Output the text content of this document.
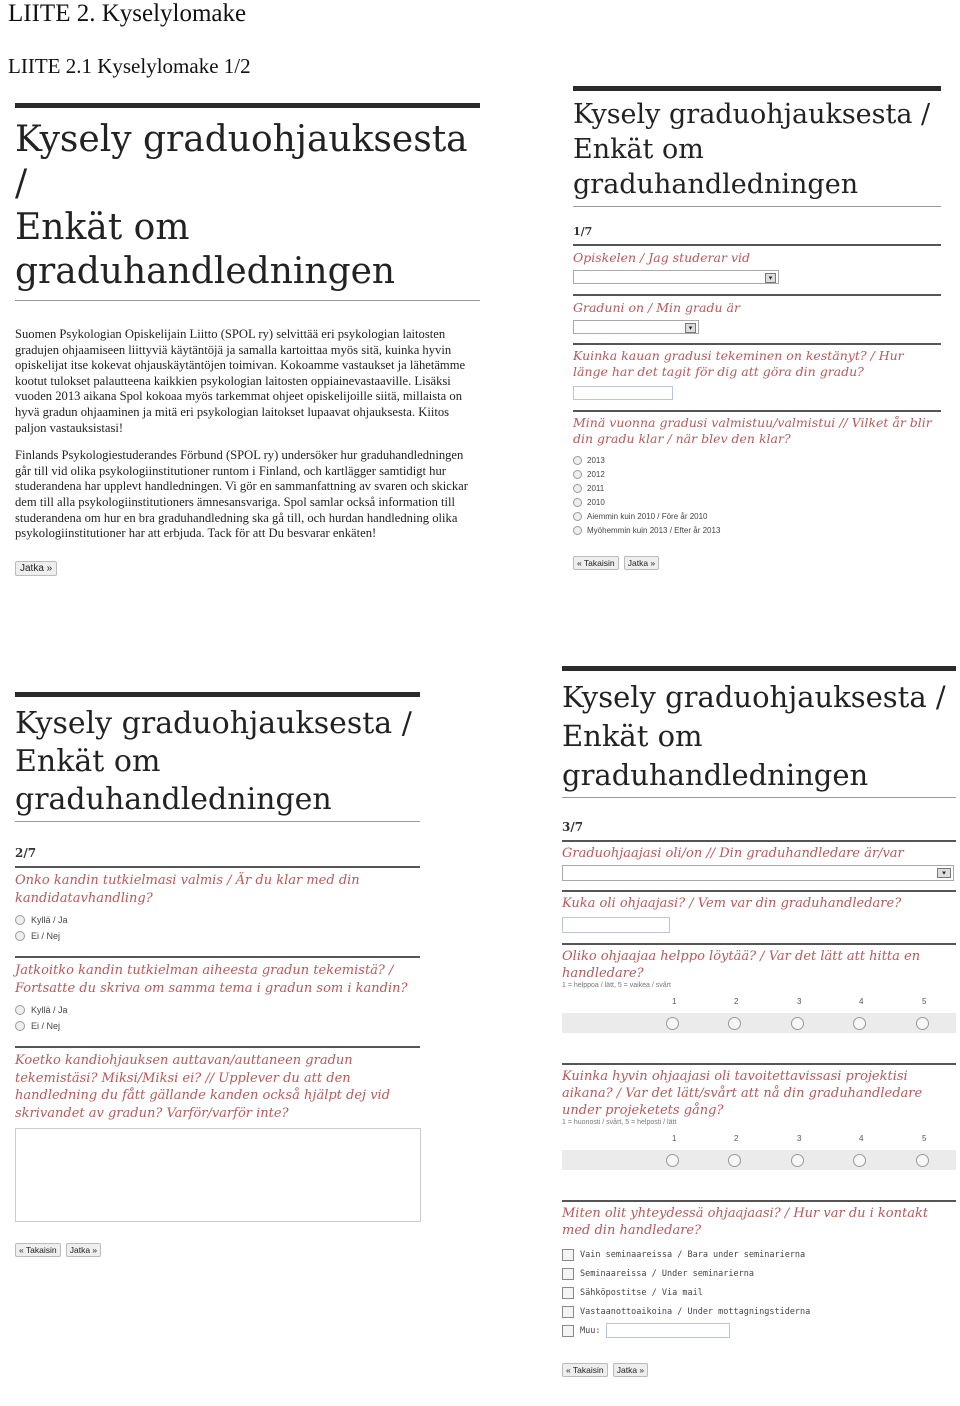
LIITE 2. Kyselylomake
LIITE 2.1 Kyselylomake 1/2
Kysely graduohjauksesta /
Enkät om
graduhandledningen

Suomen Psykologian Opiskelijain Liitto (SPOL ry) selvittää eri psykologian laitosten gradujen ohjaamiseen liittyviä käytäntöjä ja samalla kartoittaa myös sitä, kuinka hyvin opiskelijat itse kokevat ohjauskäytäntöjen toimivan. Kokoamme vastaukset ja lähetämme kootut tulokset palautteena kaikkien psykologian laitosten oppiainevastaaville. Lisäksi vuoden 2013 aikana Spol kokoaa myös tarkemmat ohjeet opiskelijoille siitä, millaista on hyvä gradun ohjaaminen ja mitä eri psykologian laitokset lupaavat ohjauksesta. Kiitos paljon vastauksistasi!

Finlands Psykologiestuderandes Förbund (SPOL ry) undersöker hur graduhandledningen går till vid olika psykologiinstitutioner runtom i Finland, och kartlägger samtidigt hur studerandena har upplevt handledningen. Vi gör en sammanfattning av svaren och skickar dem till alla psykologiinstitutioners ämnesansvariga. Spol samlar också information till studerandena om hur en bra graduhandledning ska gå till, och hurdan handledning olika psykologiinstitutioner har att erbjuda. Tack för att Du besvarar enkäten!

Jatka »
Kysely graduohjauksesta /
Enkät om
graduhandledningen
1/7

Opiskelen / Jag studerar vid

▾

Graduni on / Min gradu är

▾

Kuinka kauan gradusi tekeminen on kestänyt? / Hur länge har det tagit för dig att göra din gradu?

Minä vuonna gradusi valmistuu/valmistui // Vilket år blir din gradu klar / när blev den klar?

2013
2012
2011
2010
Aiemmin kuin 2010 / Före år 2010
Myöhemmin kuin 2013 / Efter år 2013
« Takaisin Jatka »
Kysely graduohjauksesta /
Enkät om
graduhandledningen
2/7

Onko kandin tutkielmasi valmis / Är du klar med din kandidatavhandling?

Kyllä / Ja
Ei / Nej

Jatkoitko kandin tutkielman aiheesta gradun tekemistä? / Fortsatte du skriva om samma tema i gradun som i kandin?

Kyllä / Ja
Ei / Nej

Koetko kandiohjauksen auttavan/auttaneen gradun tekemistäsi? Miksi/Miksi ei? // Upplever du att den handledning du fått gällande kanden också hjälpt dej vid skrivandet av gradun? Varför/varför inte?

« Takaisin Jatka »
Kysely graduohjauksesta /
Enkät om
graduhandledningen
3/7

Graduohjaajasi oli/on // Din graduhandledare är/var

▾

Kuka oli ohjaajasi? / Vem var din graduhandledare?

Oliko ohjaajaa helppo löytää? / Var det lätt att hitta en handledare?

1 = helppoa / lätt, 5 = vaikea / svårt
1	2	3	4	5

Kuinka hyvin ohjaajasi oli tavoitettavissasi projektisi aikana? / Var det lätt/svårt att nå din graduhandledare under projeketets gång?

1 = huonosti / svårt, 5 = helposti / lätt
1	2	3	4	5

Miten olit yhteydessä ohjaajaasi? / Hur var du i kontakt med din handledare?

Vain seminaareissa / Bara under seminarierna
Seminaareissa / Under seminarierna
Sähköpostitse / Via mail
Vastaanottoaikoina / Under mottagningstiderna
Muu:
« Takaisin Jatka »
